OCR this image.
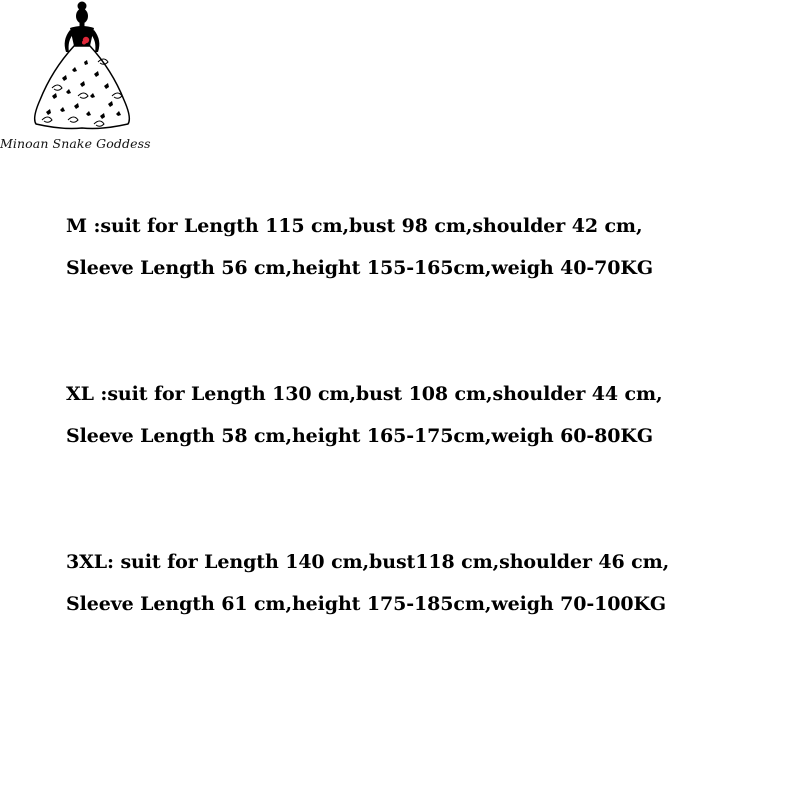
Minoan Snake Goddess
M :suit for Length 115 cm,bust 98 cm,shoulder 42 cm,
Sleeve Length 56 cm,height 155-165cm,weigh 40-70KG
XL :suit for Length 130 cm,bust 108 cm,shoulder 44 cm,
Sleeve Length 58 cm,height 165-175cm,weigh 60-80KG
3XL: suit for Length 140 cm,bust118 cm,shoulder 46 cm,
Sleeve Length 61 cm,height 175-185cm,weigh 70-100KG
